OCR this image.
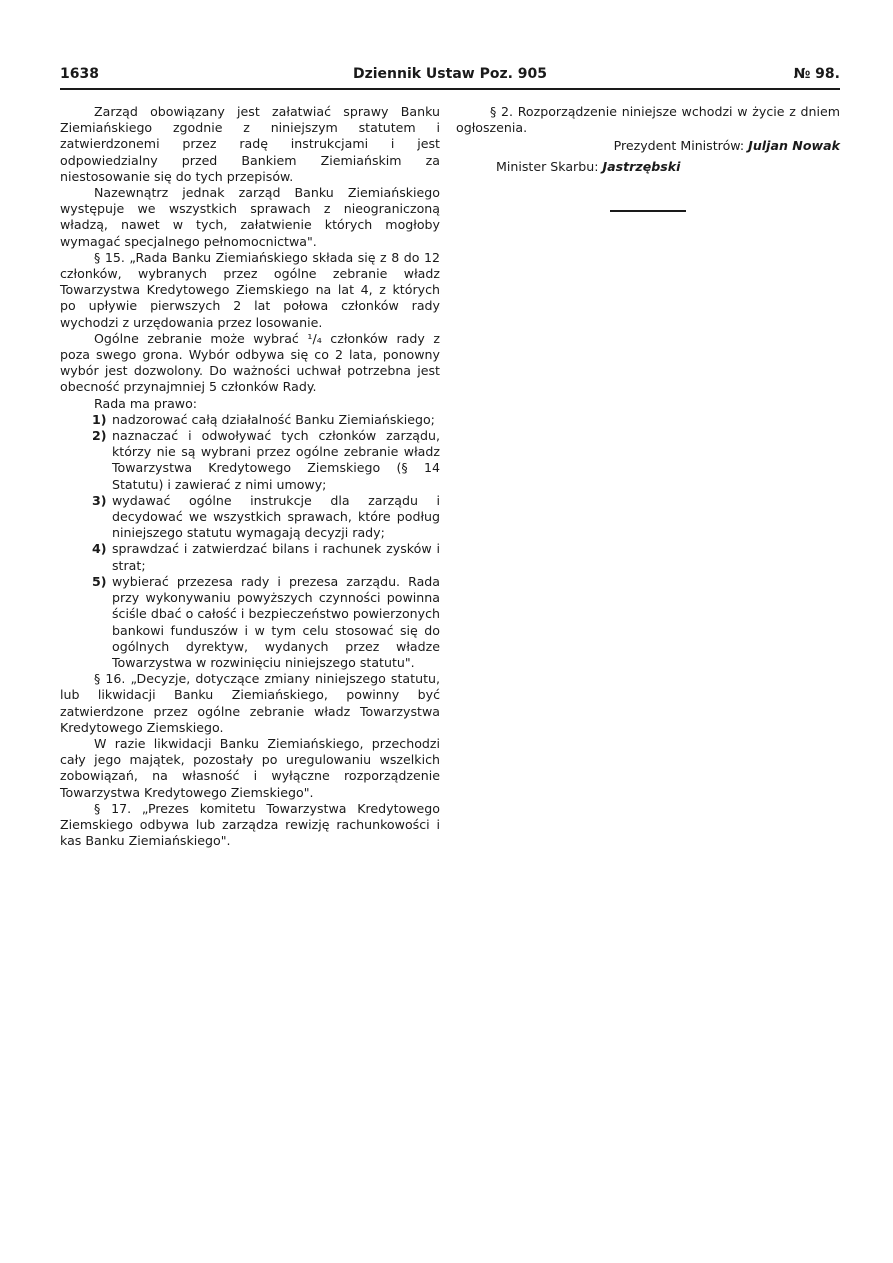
1638	Dziennik Ustaw Poz. 905	№ 98.

Zarząd obowiązany jest załatwiać sprawy Banku Ziemiańskiego zgodnie z niniejszym statutem i zatwierdzonemi przez radę instrukcjami i jest odpowiedzialny przed Bankiem Ziemiańskim za niestosowanie się do tych przepisów.

Nazewnątrz jednak zarząd Banku Ziemiańskiego występuje we wszystkich sprawach z nieograniczoną władzą, nawet w tych, załatwienie których mogłoby wymagać specjalnego pełnomocnictwa".

§ 15. „Rada Banku Ziemiańskiego składa się z 8 do 12 członków, wybranych przez ogólne zebranie władz Towarzystwa Kredytowego Ziemskiego na lat 4, z których po upływie pierwszych 2 lat połowa członków rady wychodzi z urzędowania przez losowanie.

Ogólne zebranie może wybrać ¹/₄ członków rady z poza swego grona. Wybór odbywa się co 2 lata, ponowny wybór jest dozwolony. Do ważności uchwał potrzebna jest obecność przynajmniej 5 członków Rady.

Rada ma prawo:

1) nadzorować całą działalność Banku Ziemiańskiego;
2) naznaczać i odwoływać tych członków zarządu, którzy nie są wybrani przez ogólne zebranie władz Towarzystwa Kredytowego Ziemskiego (§ 14 Statutu) i zawierać z nimi umowy;
3) wydawać ogólne instrukcje dla zarządu i decydować we wszystkich sprawach, które podług niniejszego statutu wymagają decyzji rady;
4) sprawdzać i zatwierdzać bilans i rachunek zysków i strat;
5) wybierać przezesa rady i prezesa zarządu. Rada przy wykonywaniu powyższych czynności powinna ściśle dbać o całość i bezpieczeństwo powierzonych bankowi funduszów i w tym celu stosować się do ogólnych dyrektyw, wydanych przez władze Towarzystwa w rozwinięciu niniejszego statutu".

§ 16. „Decyzje, dotyczące zmiany niniejszego statutu, lub likwidacji Banku Ziemiańskiego, powinny być zatwierdzone przez ogólne zebranie władz Towarzystwa Kredytowego Ziemskiego.

W razie likwidacji Banku Ziemiańskiego, przechodzi cały jego majątek, pozostały po uregulowaniu wszelkich zobowiązań, na własność i wyłączne rozporządzenie Towarzystwa Kredytowego Ziemskiego".

§ 17. „Prezes komitetu Towarzystwa Kredytowego Ziemskiego odbywa lub zarządza rewizję rachunkowości i kas Banku Ziemiańskiego".

§ 2. Rozporządzenie niniejsze wchodzi w życie z dniem ogłoszenia.

Prezydent Ministrów: Juljan Nowak
Minister Skarbu: Jastrzębski
